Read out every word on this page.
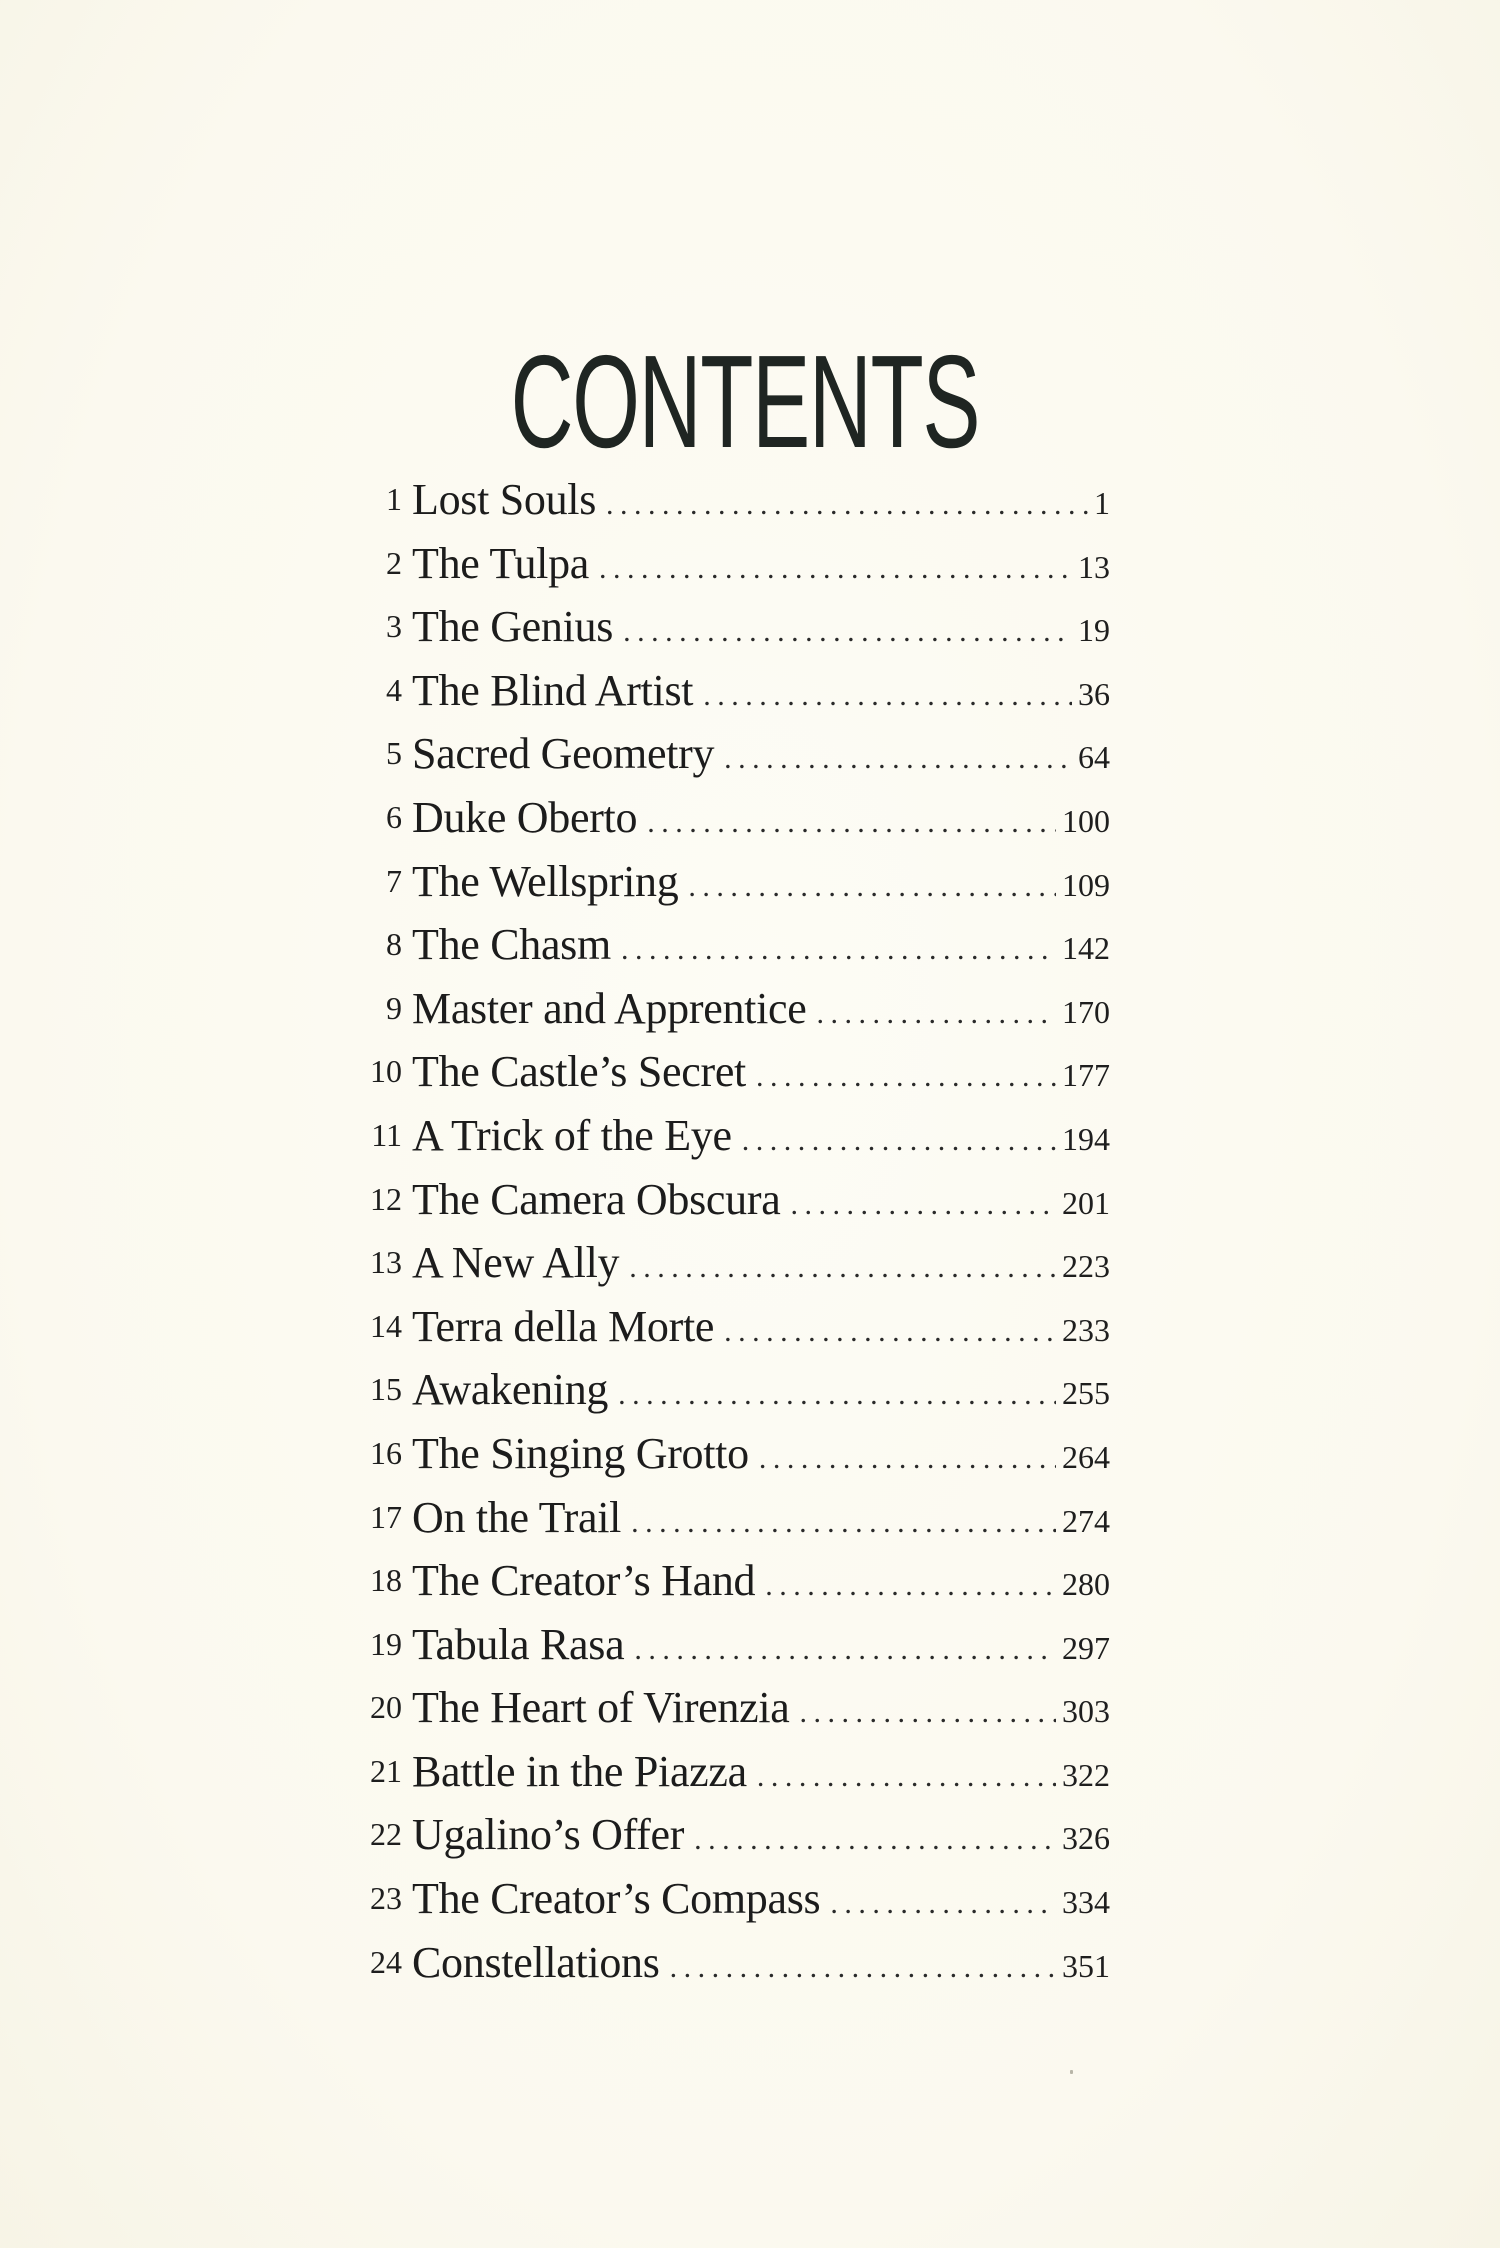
CONTENTS
1 Lost Souls .....	1
2 The Tulpa .....	13
3 The Genius .....	19
4 The Blind Artist .....	36
5 Sacred Geometry .....	64
6 Duke Oberto .....	100
7 The Wellspring .....	109
8 The Chasm .....	142
9 Master and Apprentice .....	170
10 The Castle’s Secret .....	177
11 A Trick of the Eye .....	194
12 The Camera Obscura .....	201
13 A New Ally .....	223
14 Terra della Morte .....	233
15 Awakening .....	255
16 The Singing Grotto .....	264
17 On the Trail .....	274
18 The Creator’s Hand .....	280
19 Tabula Rasa .....	297
20 The Heart of Virenzia .....	303
21 Battle in the Piazza .....	322
22 Ugalino’s Offer .....	326
23 The Creator’s Compass .....	334
24 Constellations .....	351
